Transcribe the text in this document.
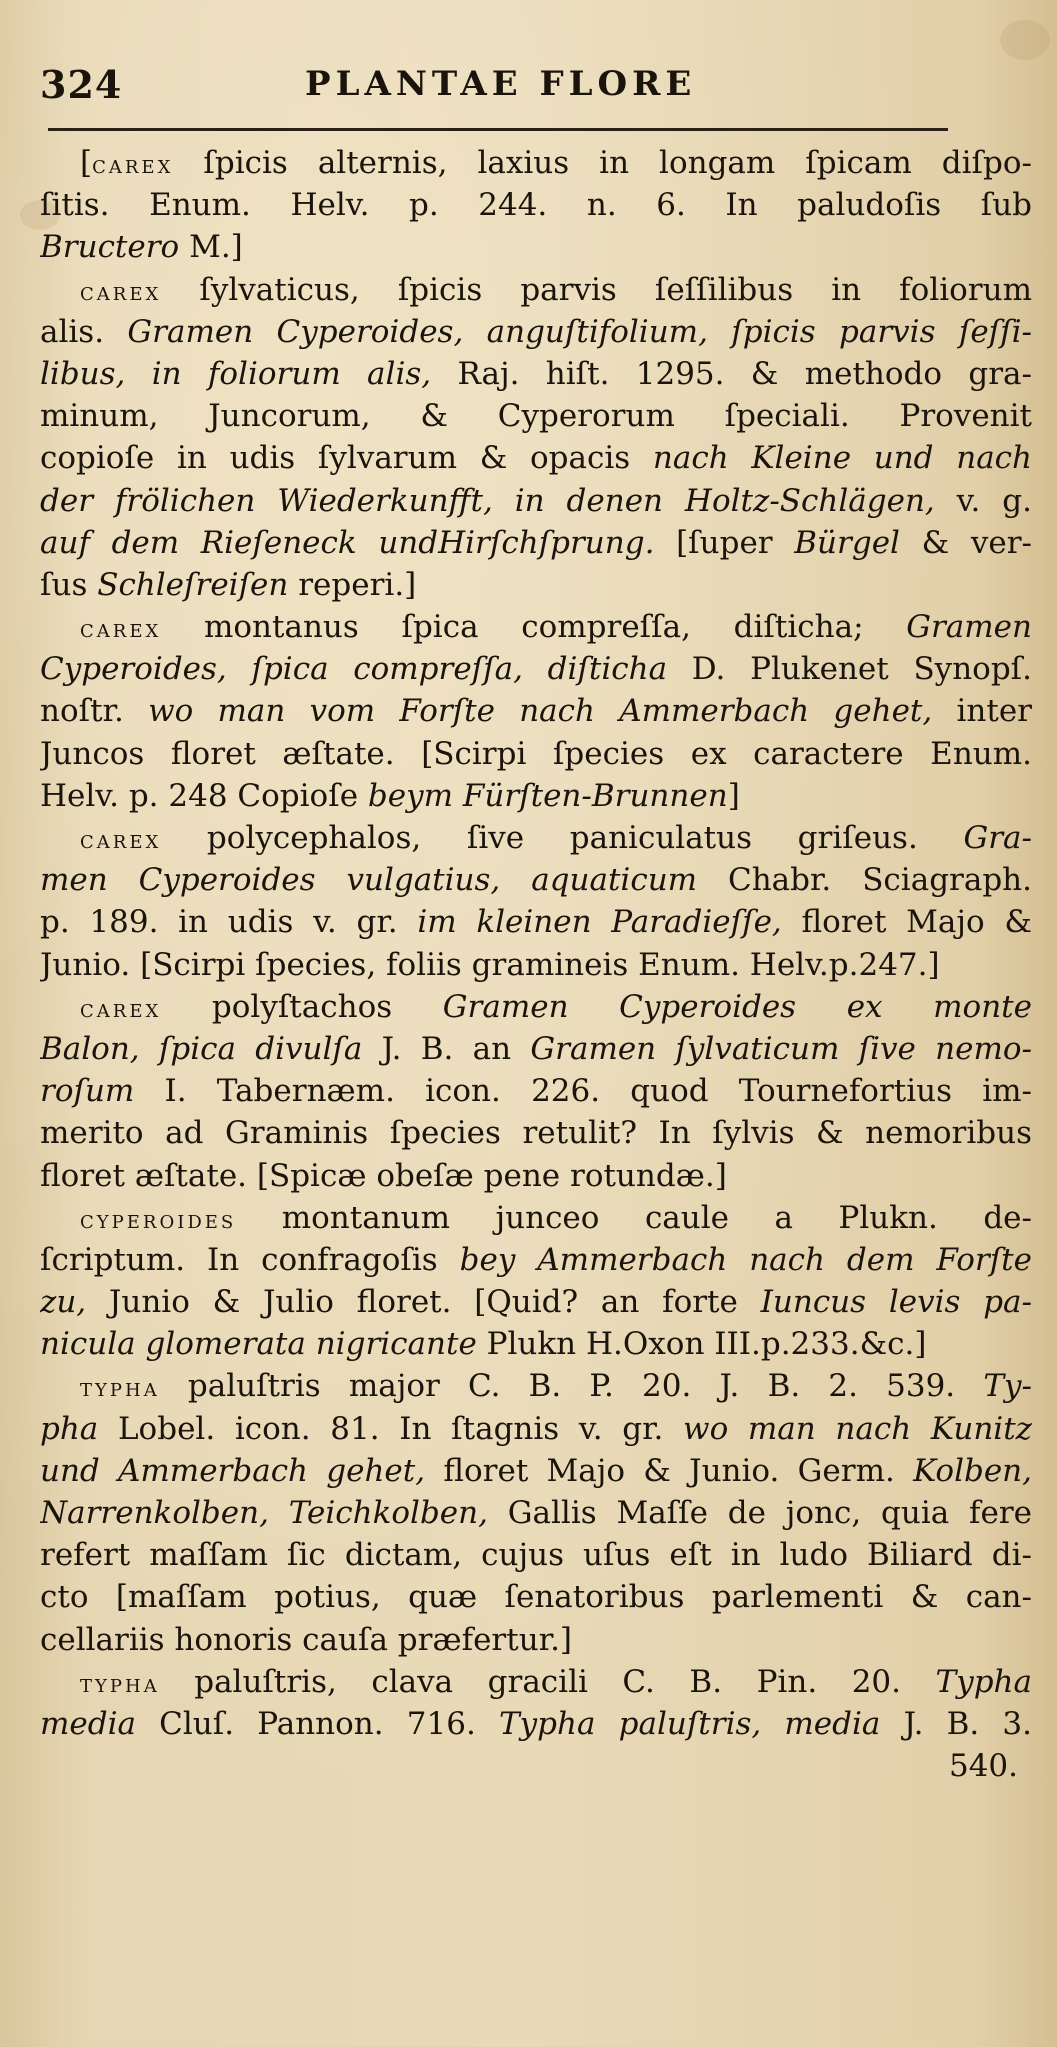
324	PLANTAE FLORE
[carex ſpicis alternis, laxius in longam ſpicam diſpo-
ſitis. Enum. Helv. p. 244. n. 6. In paludoſis ſub
Bructero M.]
carex ſylvaticus, ſpicis parvis ſeſſilibus in foliorum
alis. Gramen Cyperoides, anguſtifolium, ſpicis parvis ſeſſi-
libus, in foliorum alis, Raj. hiſt. 1295. & methodo gra-
minum, Juncorum, & Cyperorum ſpeciali. Provenit
copioſe in udis ſylvarum & opacis nach Kleine und nach
der frölichen Wiederkunfft, in denen Holtz-Schlägen, v. g.
auf dem Rieſeneck undHirſchſprung. [ſuper Bürgel & ver-
ſus Schleſreiſen reperi.]
carex montanus ſpica compreſſa, diſticha; Gramen
Cyperoides, ſpica compreſſa, diſticha D. Plukenet Synopſ.
noſtr. wo man vom Forſte nach Ammerbach gehet, inter
Juncos floret æſtate. [Scirpi ſpecies ex caractere Enum.
Helv. p. 248 Copioſe beym Fürſten-Brunnen]
carex polycephalos, ſive paniculatus griſeus. Gra-
men Cyperoides vulgatius, aquaticum Chabr. Sciagraph.
p. 189. in udis v. gr. im kleinen Paradieſſe, floret Majo &
Junio. [Scirpi ſpecies, foliis gramineis Enum. Helv.p.247.]
carex polyſtachos Gramen Cyperoides ex monte
Balon, ſpica divulſa J. B. an Gramen ſylvaticum ſive nemo-
roſum I. Tabernæm. icon. 226. quod Tournefortius im-
merito ad Graminis ſpecies retulit? In ſylvis & nemoribus
floret æſtate. [Spicæ obeſæ pene rotundæ.]
cyperoides montanum junceo caule a Plukn. de-
ſcriptum. In confragoſis bey Ammerbach nach dem Forſte
zu, Junio & Julio floret. [Quid? an forte Iuncus levis pa-
nicula glomerata nigricante Plukn H.Oxon III.p.233.&c.]
typha paluſtris major C. B. P. 20. J. B. 2. 539. Ty-
pha Lobel. icon. 81. In ſtagnis v. gr. wo man nach Kunitz
und Ammerbach gehet, floret Majo & Junio. Germ. Kolben,
Narrenkolben, Teichkolben, Gallis Maſſe de jonc, quia fere
refert maſſam ſic dictam, cujus uſus eſt in ludo Biliard di-
cto [maſſam potius, quæ ſenatoribus parlementi & can-
cellariis honoris cauſa præfertur.]
typha paluſtris, clava gracili C. B. Pin. 20. Typha
media Cluſ. Pannon. 716. Typha paluſtris, media J. B. 3.
540.
